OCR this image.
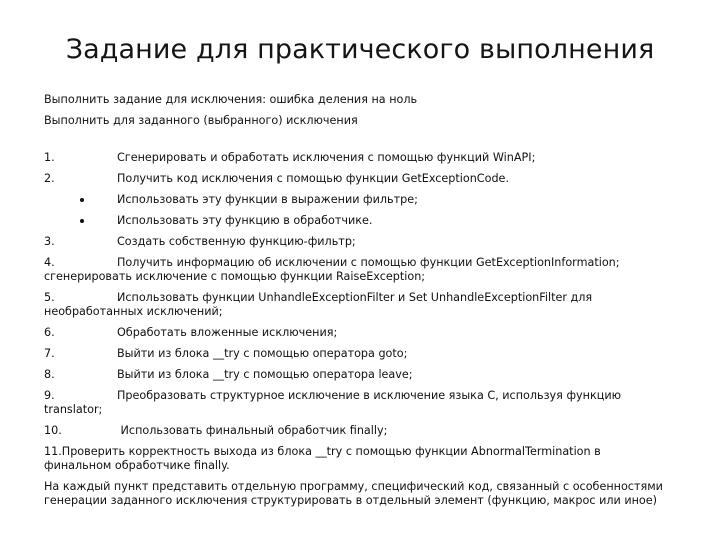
Задание для практического выполнения
Выполнить задание для исключения: ошибка деления на ноль
Выполнить для заданного (выбранного) исключения
1.	Сгенерировать и обработать исключения с помощью функций WinAPI;
2.	Получить код исключения с помощью функции GetExceptionCode.
Использовать эту функции в выражении фильтре;
Использовать эту функцию в обработчике.
3.	Создать собственную функцию-фильтр;
4.	Получить информацию об исключении с помощью функции GetExceptionInformation;
сгенерировать исключение с помощью функции RaiseException;
5.	Использовать функции UnhandleExceptionFilter и Set UnhandleExceptionFilter для
необработанных исключений;
6.	Обработать вложенные исключения;
7.	Выйти из блока __try с помощью оператора goto;
8.	Выйти из блока __try с помощью оператора leave;
9.	Преобразовать структурное исключение в исключение языка С, используя функцию
translator;
10.	Использовать финальный обработчик finally;
11.Проверить корректность выхода из блока __try с помощью функции AbnormalTermination в
финальном обработчике finally.
На каждый пункт представить отдельную программу, специфический код, связанный с особенностями
генерации заданного исключения структурировать в отдельный элемент (функцию, макрос или иное)
